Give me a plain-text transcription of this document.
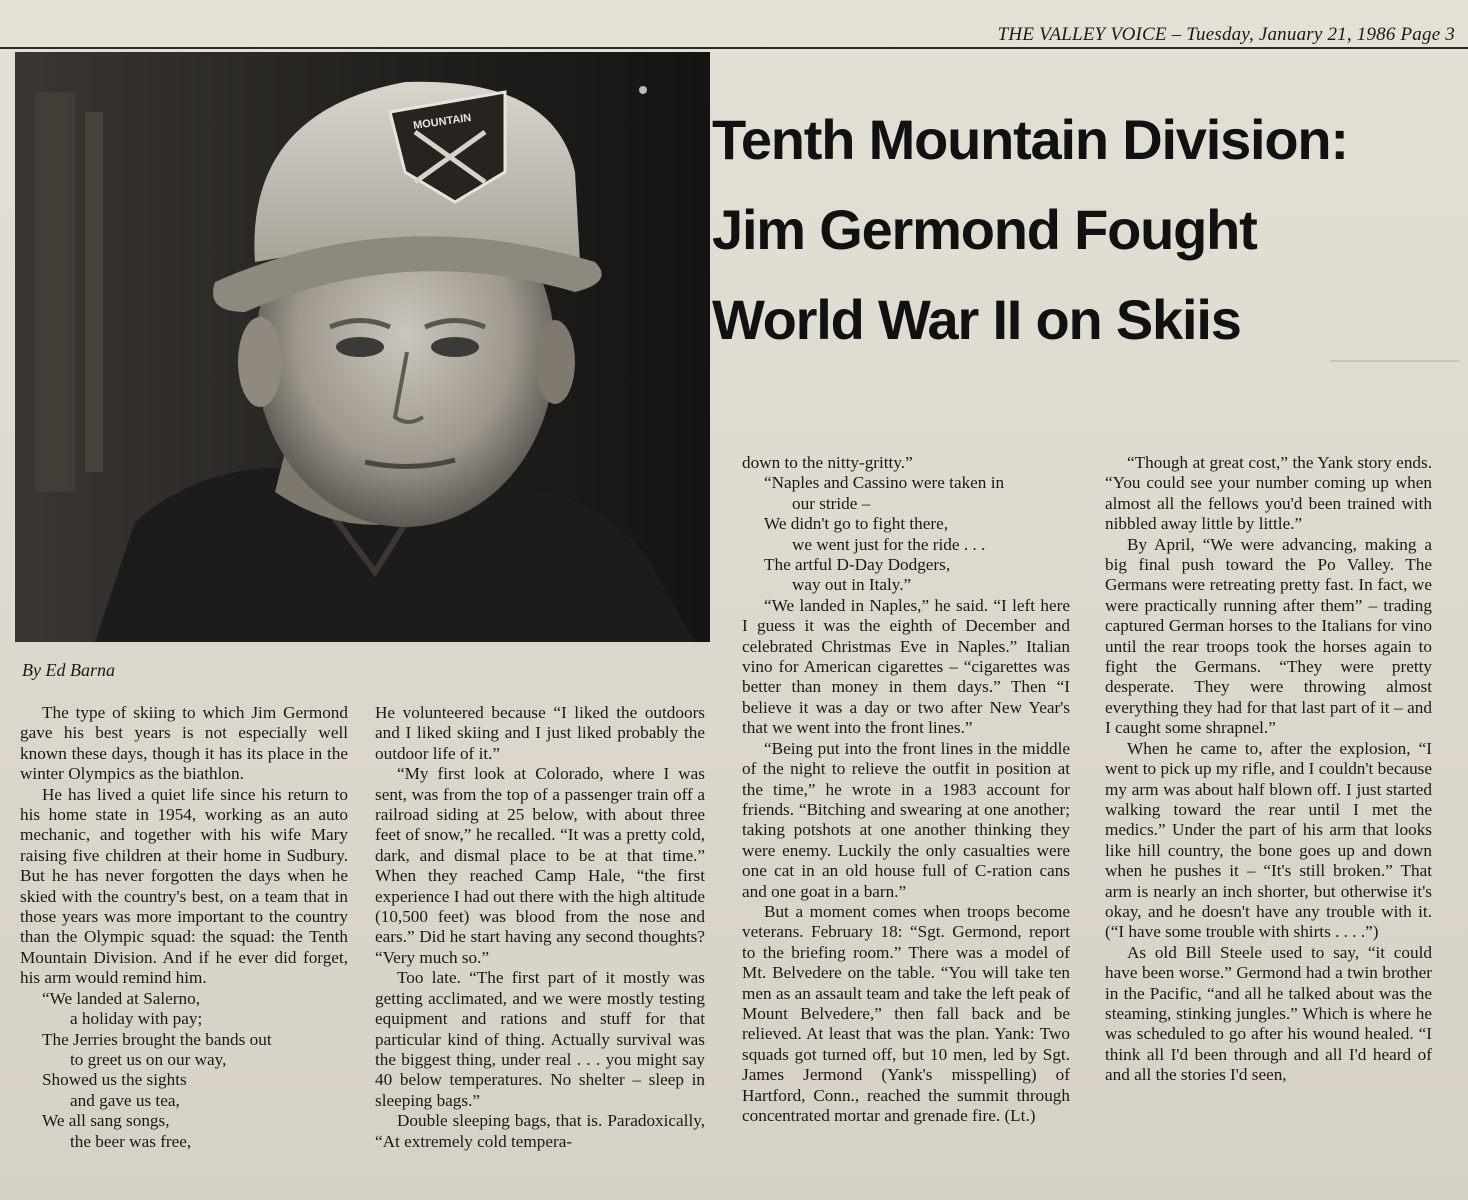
THE VALLEY VOICE – Tuesday, January 21, 1986 Page 3
MOUNTAIN	Tenth Mountain Division:
Jim Germond Fought
World War II on Skiis
By Ed Barna

The type of skiing to which Jim Germond gave his best years is not especially well known these days, though it has its place in the winter Olympics as the biathlon.

He has lived a quiet life since his return to his home state in 1954, working as an auto mechanic, and together with his wife Mary raising five children at their home in Sudbury. But he has never forgotten the days when he skied with the country's best, on a team that in those years was more important to the country than the Olympic squad: the squad: the Tenth Mountain Division. And if he ever did forget, his arm would remind him.

“We landed at Salerno,
a holiday with pay;
The Jerries brought the bands out
to greet us on our way,
Showed us the sights
and gave us tea,
We all sang songs,
the beer was free,

He volunteered because “I liked the outdoors and I liked skiing and I just liked probably the outdoor life of it.”

“My first look at Colorado, where I was sent, was from the top of a passenger train off a railroad siding at 25 below, with about three feet of snow,” he recalled. “It was a pretty cold, dark, and dismal place to be at that time.” When they reached Camp Hale, “the first experience I had out there with the high altitude (10,500 feet) was blood from the nose and ears.” Did he start having any second thoughts? “Very much so.”

Too late. “The first part of it mostly was getting acclimated, and we were mostly testing equipment and rations and stuff for that particular kind of thing. Actually survival was the biggest thing, under real . . . you might say 40 below temperatures. No shelter – sleep in sleeping bags.”

Double sleeping bags, that is. Paradoxically, “At extremely cold tempera-

down to the nitty-gritty.”

“Naples and Cassino were taken in
our stride –
We didn't go to fight there,
we went just for the ride . . .
The artful D-Day Dodgers,
way out in Italy.”

“We landed in Naples,” he said. “I left here I guess it was the eighth of December and celebrated Christmas Eve in Naples.” Italian vino for American cigarettes – “cigarettes was better than money in them days.” Then “I believe it was a day or two after New Year's that we went into the front lines.”

“Being put into the front lines in the middle of the night to relieve the outfit in position at the time,” he wrote in a 1983 account for friends. “Bitching and swearing at one another; taking potshots at one another thinking they were enemy. Luckily the only casualties were one cat in an old house full of C-ration cans and one goat in a barn.”

But a moment comes when troops become veterans. February 18: “Sgt. Germond, report to the briefing room.” There was a model of Mt. Belvedere on the table. “You will take ten men as an assault team and take the left peak of Mount Belvedere,” then fall back and be relieved. At least that was the plan. Yank: Two squads got turned off, but 10 men, led by Sgt. James Jermond (Yank's misspelling) of Hartford, Conn., reached the summit through concentrated mortar and grenade fire. (Lt.)

“Though at great cost,” the Yank story ends. “You could see your number coming up when almost all the fellows you'd been trained with nibbled away little by little.”

By April, “We were advancing, making a big final push toward the Po Valley. The Germans were retreating pretty fast. In fact, we were practically running after them” – trading captured German horses to the Italians for vino until the rear troops took the horses again to fight the Germans. “They were pretty desperate. They were throwing almost everything they had for that last part of it – and I caught some shrapnel.”

When he came to, after the explosion, “I went to pick up my rifle, and I couldn't because my arm was about half blown off. I just started walking toward the rear until I met the medics.” Under the part of his arm that looks like hill country, the bone goes up and down when he pushes it – “It's still broken.” That arm is nearly an inch shorter, but otherwise it's okay, and he doesn't have any trouble with it. (“I have some trouble with shirts . . . .”)

As old Bill Steele used to say, “it could have been worse.” Germond had a twin brother in the Pacific, “and all he talked about was the steaming, stinking jungles.” Which is where he was scheduled to go after his wound healed. “I think all I'd been through and all I'd heard of and all the stories I'd seen,
